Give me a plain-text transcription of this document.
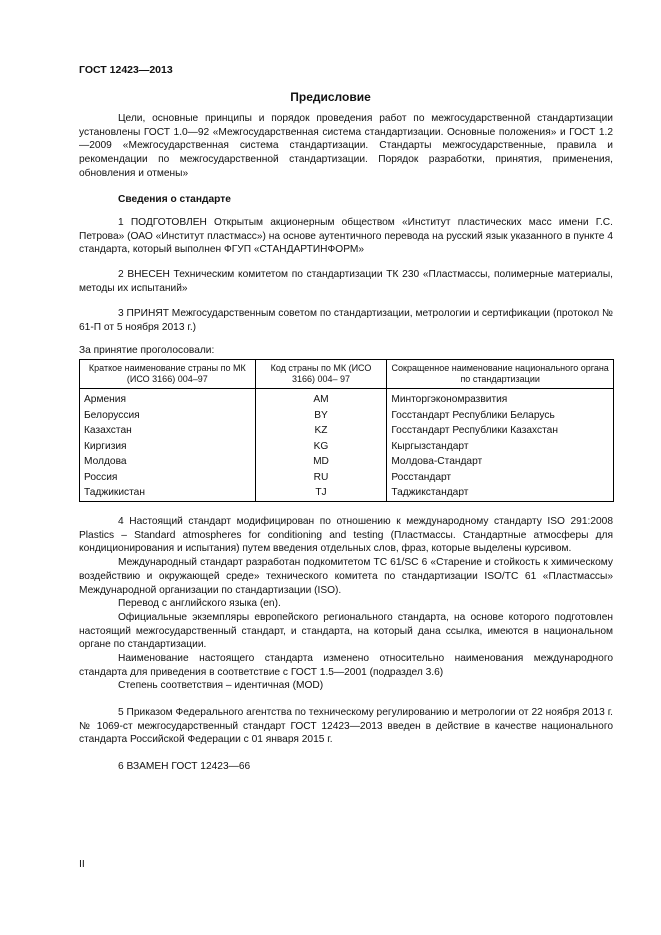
ГОСТ 12423—2013
Предисловие

Цели, основные принципы и порядок проведения работ по межгосударственной стандартизации установлены ГОСТ 1.0—92 «Межгосударственная система стандартизации. Основные положения» и ГОСТ 1.2—2009 «Межгосударственная система стандартизации. Стандарты межгосударственные, правила и рекомендации по межгосударственной стандартизации. Порядок разработки, принятия, применения, обновления и отмены»

Сведения о стандарте

1 ПОДГОТОВЛЕН Открытым акционерным обществом «Институт пластических масс имени Г.С. Петрова» (ОАО «Институт пластмасс») на основе аутентичного перевода на русский язык указанного в пункте 4 стандарта, который выполнен ФГУП «СТАНДАРТИНФОРМ»

2 ВНЕСЕН Техническим комитетом по стандартизации ТК 230 «Пластмассы, полимерные материалы, методы их испытаний»

3 ПРИНЯТ Межгосударственным советом по стандартизации, метрологии и сертификации (протокол № 61-П от 5 ноября 2013 г.)

За принятие проголосовали:
Краткое наименование страны по МК (ИСО 3166) 004–97	Код страны по МК (ИСО 3166) 004– 97	Сокращенное наименование национального органа по стандартизации
Армения	AM	Минторгэкономразвития
Белоруссия	BY	Госстандарт Республики Беларусь
Казахстан	KZ	Госстандарт Республики Казахстан
Киргизия	KG	Кыргызстандарт
Молдова	MD	Молдова-Стандарт
Россия	RU	Росстандарт
Таджикистан	TJ	Таджикстандарт

4 Настоящий стандарт модифицирован по отношению к международному стандарту ISO 291:2008 Plastics – Standard atmospheres for conditioning and testing (Пластмассы. Стандартные атмосферы для кондиционирования и испытания) путем введения отдельных слов, фраз, которые выделены курсивом.

Международный стандарт разработан подкомитетом ТС 61/SC 6 «Старение и стойкость к химическому воздействию и окружающей среде» технического комитета по стандартизации ISO/TC 61 «Пластмассы» Международной организации по стандартизации (ISO).

Перевод с английского языка (en).

Официальные экземпляры европейского регионального стандарта, на основе которого подготовлен настоящий межгосударственный стандарт, и стандарта, на который дана ссылка, имеются в национальном органе по стандартизации.

Наименование настоящего стандарта изменено относительно наименования международного стандарта для приведения в соответствие с ГОСТ 1.5—2001 (подраздел 3.6)

Степень соответствия – идентичная (MOD)

5 Приказом Федерального агентства по техническому регулированию и метрологии от 22 ноября 2013 г. № 1069-ст межгосударственный стандарт ГОСТ 12423—2013 введен в действие в качестве национального стандарта Российской Федерации с 01 января 2015 г.

6 ВЗАМЕН ГОСТ 12423—66

II
